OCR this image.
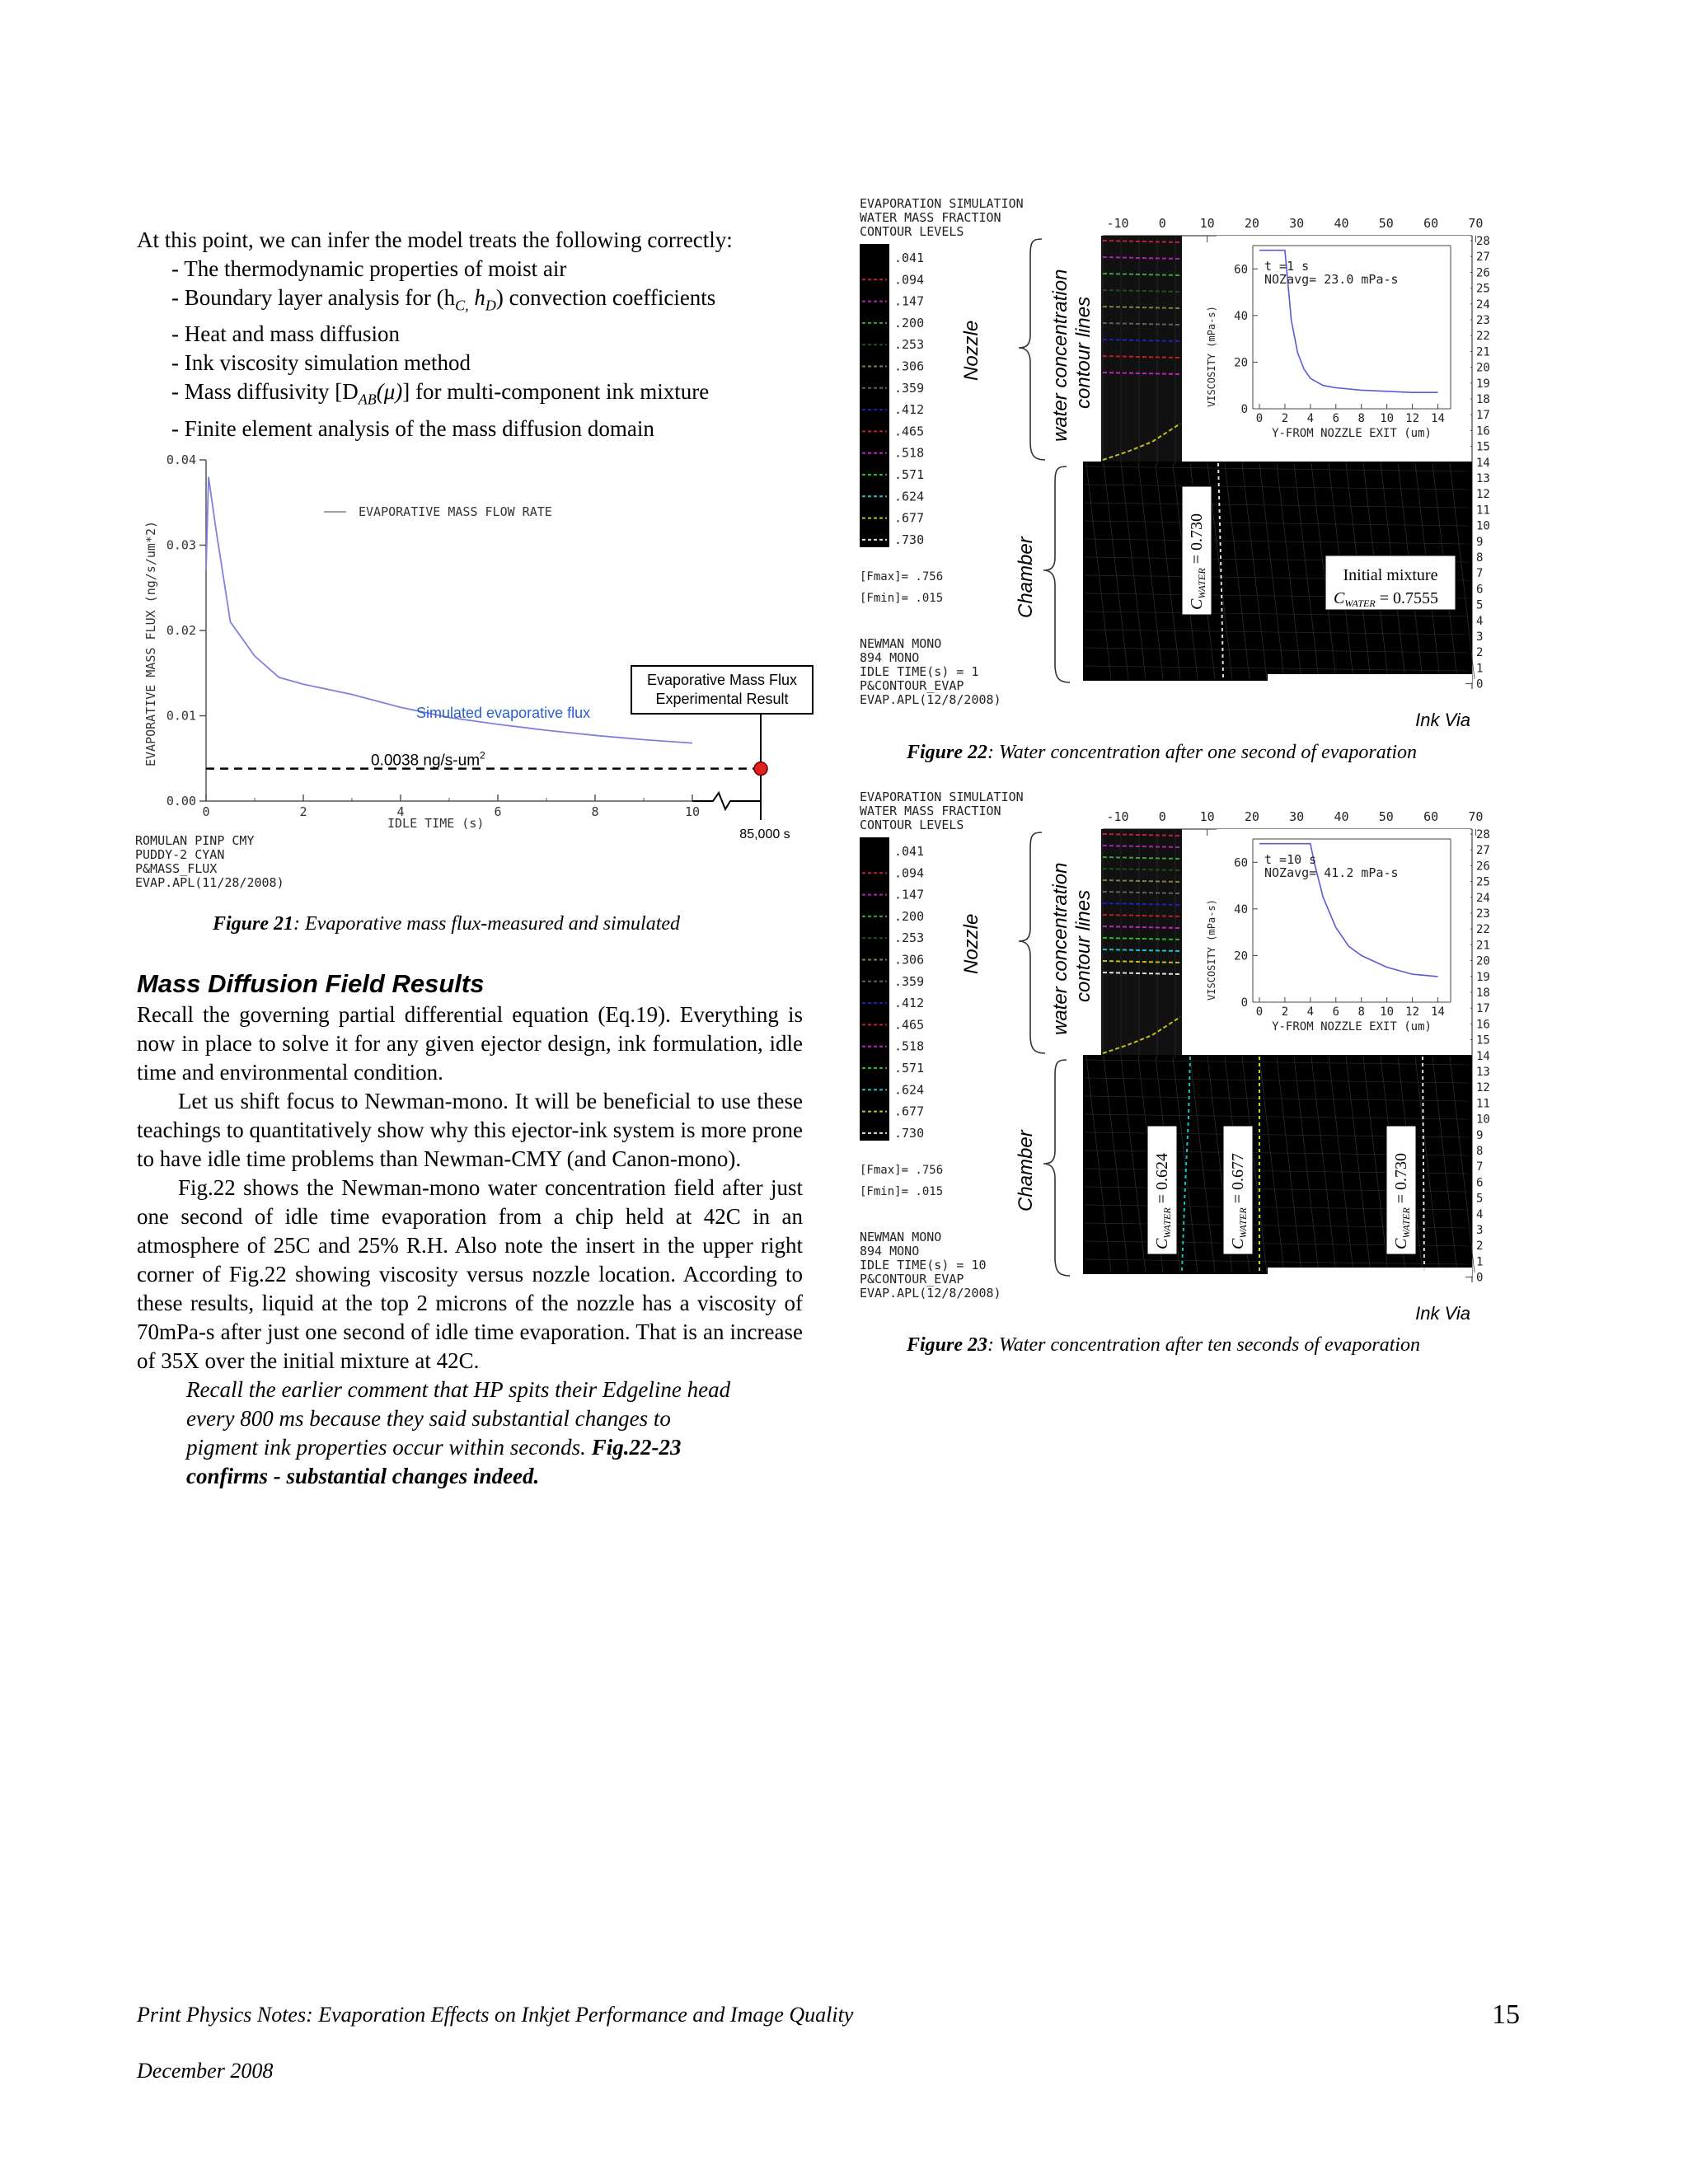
At this point, we can infer the model treats the following correctly:
- The thermodynamic properties of moist air
- Boundary layer analysis for ($h_{C,}$ $h_D$) convection coefficients
- Heat and mass diffusion
- Ink viscosity simulation method
- Mass diffusivity $[D_{AB}(\mu)]$ for multi-component ink mixture
- Finite element analysis of the mass diffusion domain
0.00
0.01
0.02
0.03
0.04
0	2	4	6	8	10
EVAPORATIVE MASS FLUX (ng/s/um*2)
IDLE TIME (s)
EVAPORATIVE MASS FLOW RATE
Simulated evaporative flux
0.0038 $ng/s-um^2$
Evaporative Mass Flux
Experimental Result
85,000 s
ROMULAN PINP CMY
PUDDY-2 CYAN
P&MASS_FLUX
EVAP.APL(11/28/2008)
Figure 21: Evaporative mass flux-measured and simulated
Mass Diffusion Field Results
Recall the governing partial differential equation (Eq.19). Everything is now in place to solve it for any given ejector design, ink formulation, idle time and environmental condition.
Let us shift focus to Newman-mono. It will be beneficial to use these teachings to quantitatively show why this ejector-ink system is more prone to have idle time problems than Newman-CMY (and Canon-mono).
Fig.22 shows the Newman-mono water concentration field after just one second of idle time evaporation from a chip held at 42C in an atmosphere of 25C and 25% R.H. Also note the insert in the upper right corner of Fig.22 showing viscosity versus nozzle location. According to these results, liquid at the top 2 microns of the nozzle has a viscosity of 70mPa-s after just one second of idle time evaporation. That is an increase of 35X over the initial mixture at 42C.
Recall the earlier comment that HP spits their Edgeline head every 800 ms because they said substantial changes to pigment ink properties occur within seconds. Fig.22-23 confirms - substantial changes indeed.
EVAPORATION SIMULATION
WATER MASS FRACTION
CONTOUR LEVELS
.041
.094
.147
.200
.253
.306
.359
.412
.465
.518
.571
.624
.677
.730
[Fmax]= .756
[Fmin]= .015
NEWMAN MONO
894 MONO
IDLE TIME(s) = 1
P&CONTOUR_EVAP
EVAP.APL(12/8/2008)
-10 0	10 20 30 40 50 60 70
28
27
26
25
24
23
22
21
20
19
18
17
16
15
14
13
12
11
10
9
8
7
6
5
4
3
2
1
0
Ink Via
Nozzle
Chamber
water concentration contour lines
0
20
40
60
0 2 4 6 8 10 12 14
VISCOSITY (mPa-s)
Y-FROM NOZZLE EXIT (um)
t =1 s
NOZavg= 23.0 mPa-s
$C_{WATER} = 0.730$
Initial mixture
$C_{WATER} = 0.7555$
Figure 22: Water concentration after one second of evaporation
EVAPORATION SIMULATION
WATER MASS FRACTION
CONTOUR LEVELS
.041
.094
.147
.200
.253
.306
.359
.412
.465
.518
.571
.624
.677
.730
[Fmax]= .756
[Fmin]= .015
NEWMAN MONO
894 MONO
IDLE TIME(s) = 10
P&CONTOUR_EVAP
EVAP.APL(12/8/2008)
-10 0	10 20 30 40 50 60 70
28
27
26
25
24
23
22
21
20
19
18
17
16
15
14
13
12
11
10
9
8
7
6
5
4
3
2
1
0
Ink Via
Nozzle
Chamber
water concentration contour lines
0
20
40
60
0 2 4 6 8 10 12 14
VISCOSITY (mPa-s)
Y-FROM NOZZLE EXIT (um)
t =10 s
NOZavg= 41.2 mPa-s
$C_{WATER} = 0.624$
$C_{WATER} = 0.677$
$C_{WATER} = 0.730$
Figure 23: Water concentration after ten seconds of evaporation
Print Physics Notes: Evaporation Effects on Inkjet Performance and Image Quality	15
December 2008
